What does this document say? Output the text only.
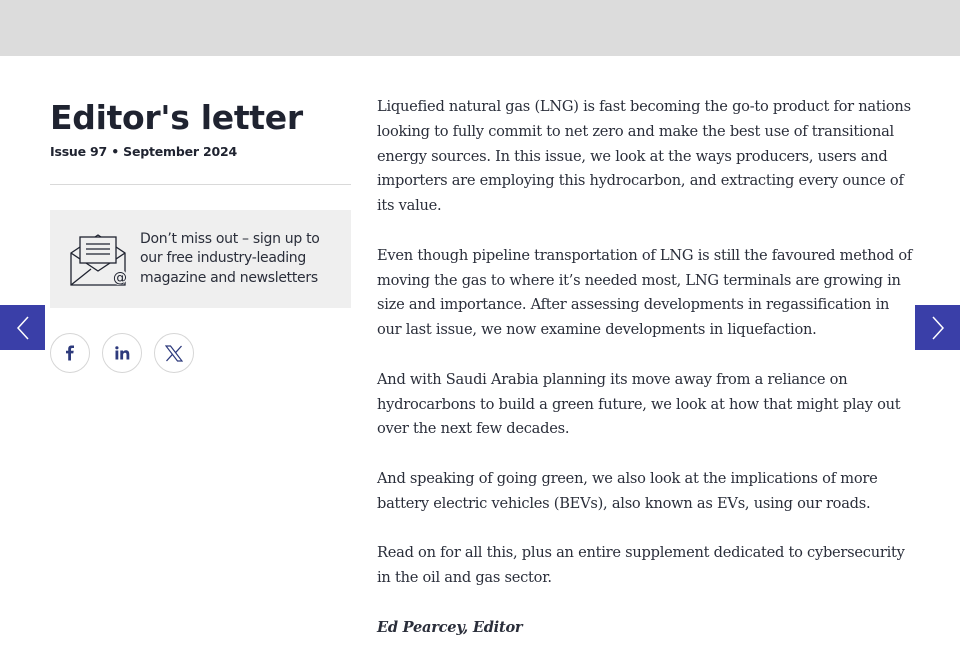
Editor's letter
Issue 97 • September 2024
@
Don’t miss out – sign up to our free industry-leading magazine and newsletters

Liquefied natural gas (LNG) is fast becoming the go-to product for nations looking to fully commit to net zero and make the best use of transitional energy sources. In this issue, we look at the ways producers, users and importers are employing this hydrocarbon, and extracting every ounce of its value.

Even though pipeline transportation of LNG is still the favoured method of moving the gas to where it’s needed most, LNG terminals are growing in size and importance. After assessing developments in regassification in our last issue, we now examine developments in liquefaction.

And with Saudi Arabia planning its move away from a reliance on hydrocarbons to build a green future, we look at how that might play out over the next few decades.

And speaking of going green, we also look at the implications of more battery electric vehicles (BEVs), also known as EVs, using our roads.

Read on for all this, plus an entire supplement dedicated to cybersecurity in the oil and gas sector.

Ed Pearcey, Editor
